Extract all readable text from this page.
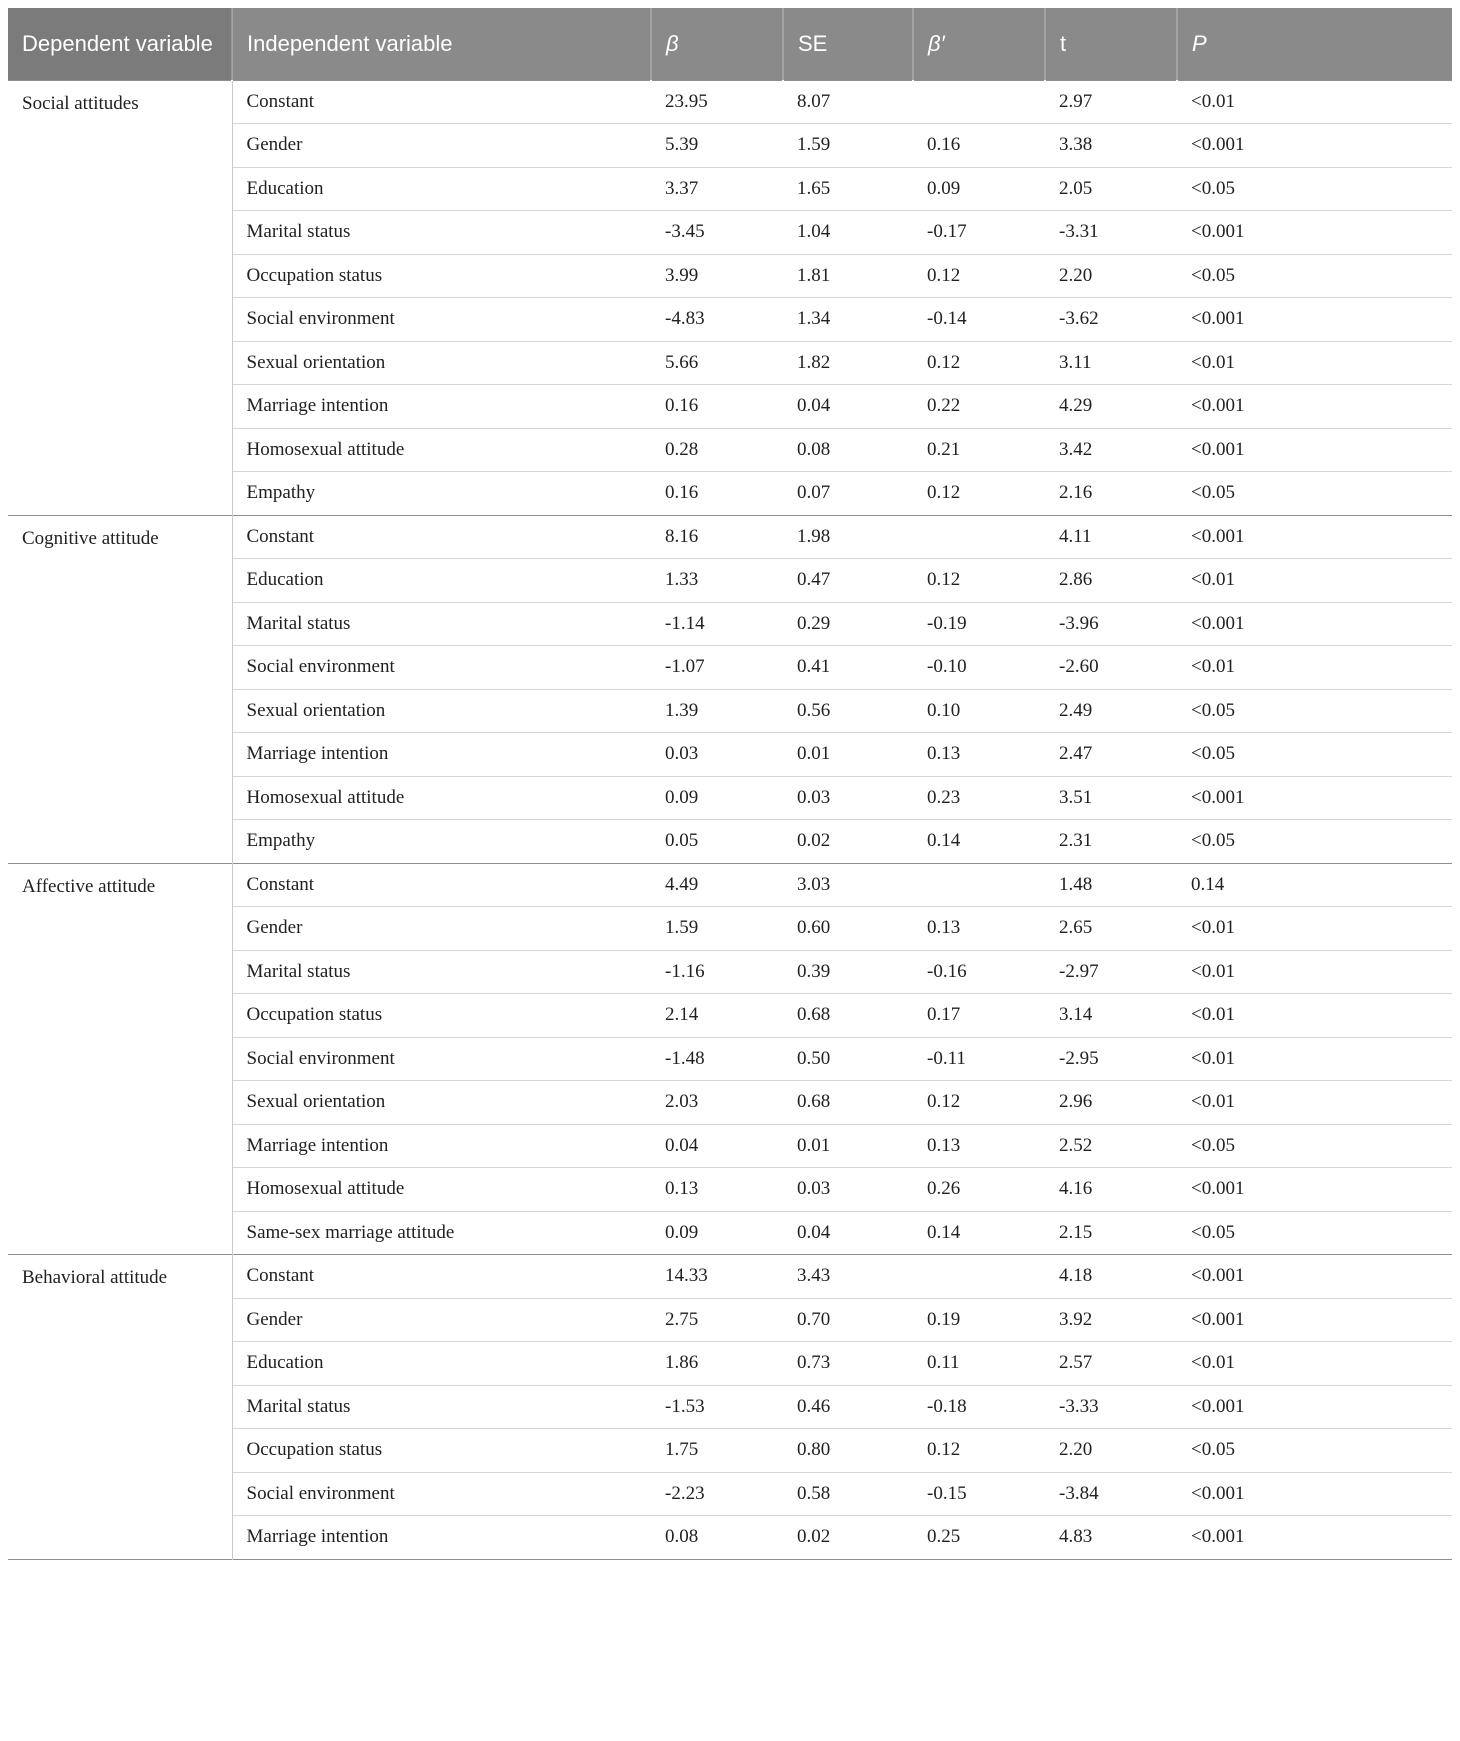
Dependent variable	Independent variable	β	SE	β′	t	P
Social attitudes	Constant	23.95	8.07		2.97	<0.01
	Gender	5.39	1.59	0.16	3.38	<0.001
	Education	3.37	1.65	0.09	2.05	<0.05
	Marital status	-3.45	1.04	-0.17	-3.31	<0.001
	Occupation status	3.99	1.81	0.12	2.20	<0.05
	Social environment	-4.83	1.34	-0.14	-3.62	<0.001
	Sexual orientation	5.66	1.82	0.12	3.11	<0.01
	Marriage intention	0.16	0.04	0.22	4.29	<0.001
	Homosexual attitude	0.28	0.08	0.21	3.42	<0.001
	Empathy	0.16	0.07	0.12	2.16	<0.05
Cognitive attitude	Constant	8.16	1.98		4.11	<0.001
	Education	1.33	0.47	0.12	2.86	<0.01
	Marital status	-1.14	0.29	-0.19	-3.96	<0.001
	Social environment	-1.07	0.41	-0.10	-2.60	<0.01
	Sexual orientation	1.39	0.56	0.10	2.49	<0.05
	Marriage intention	0.03	0.01	0.13	2.47	<0.05
	Homosexual attitude	0.09	0.03	0.23	3.51	<0.001
	Empathy	0.05	0.02	0.14	2.31	<0.05
Affective attitude	Constant	4.49	3.03		1.48	0.14
	Gender	1.59	0.60	0.13	2.65	<0.01
	Marital status	-1.16	0.39	-0.16	-2.97	<0.01
	Occupation status	2.14	0.68	0.17	3.14	<0.01
	Social environment	-1.48	0.50	-0.11	-2.95	<0.01
	Sexual orientation	2.03	0.68	0.12	2.96	<0.01
	Marriage intention	0.04	0.01	0.13	2.52	<0.05
	Homosexual attitude	0.13	0.03	0.26	4.16	<0.001
	Same-sex marriage attitude	0.09	0.04	0.14	2.15	<0.05
Behavioral attitude	Constant	14.33	3.43		4.18	<0.001
	Gender	2.75	0.70	0.19	3.92	<0.001
	Education	1.86	0.73	0.11	2.57	<0.01
	Marital status	-1.53	0.46	-0.18	-3.33	<0.001
	Occupation status	1.75	0.80	0.12	2.20	<0.05
	Social environment	-2.23	0.58	-0.15	-3.84	<0.001
	Marriage intention	0.08	0.02	0.25	4.83	<0.001
